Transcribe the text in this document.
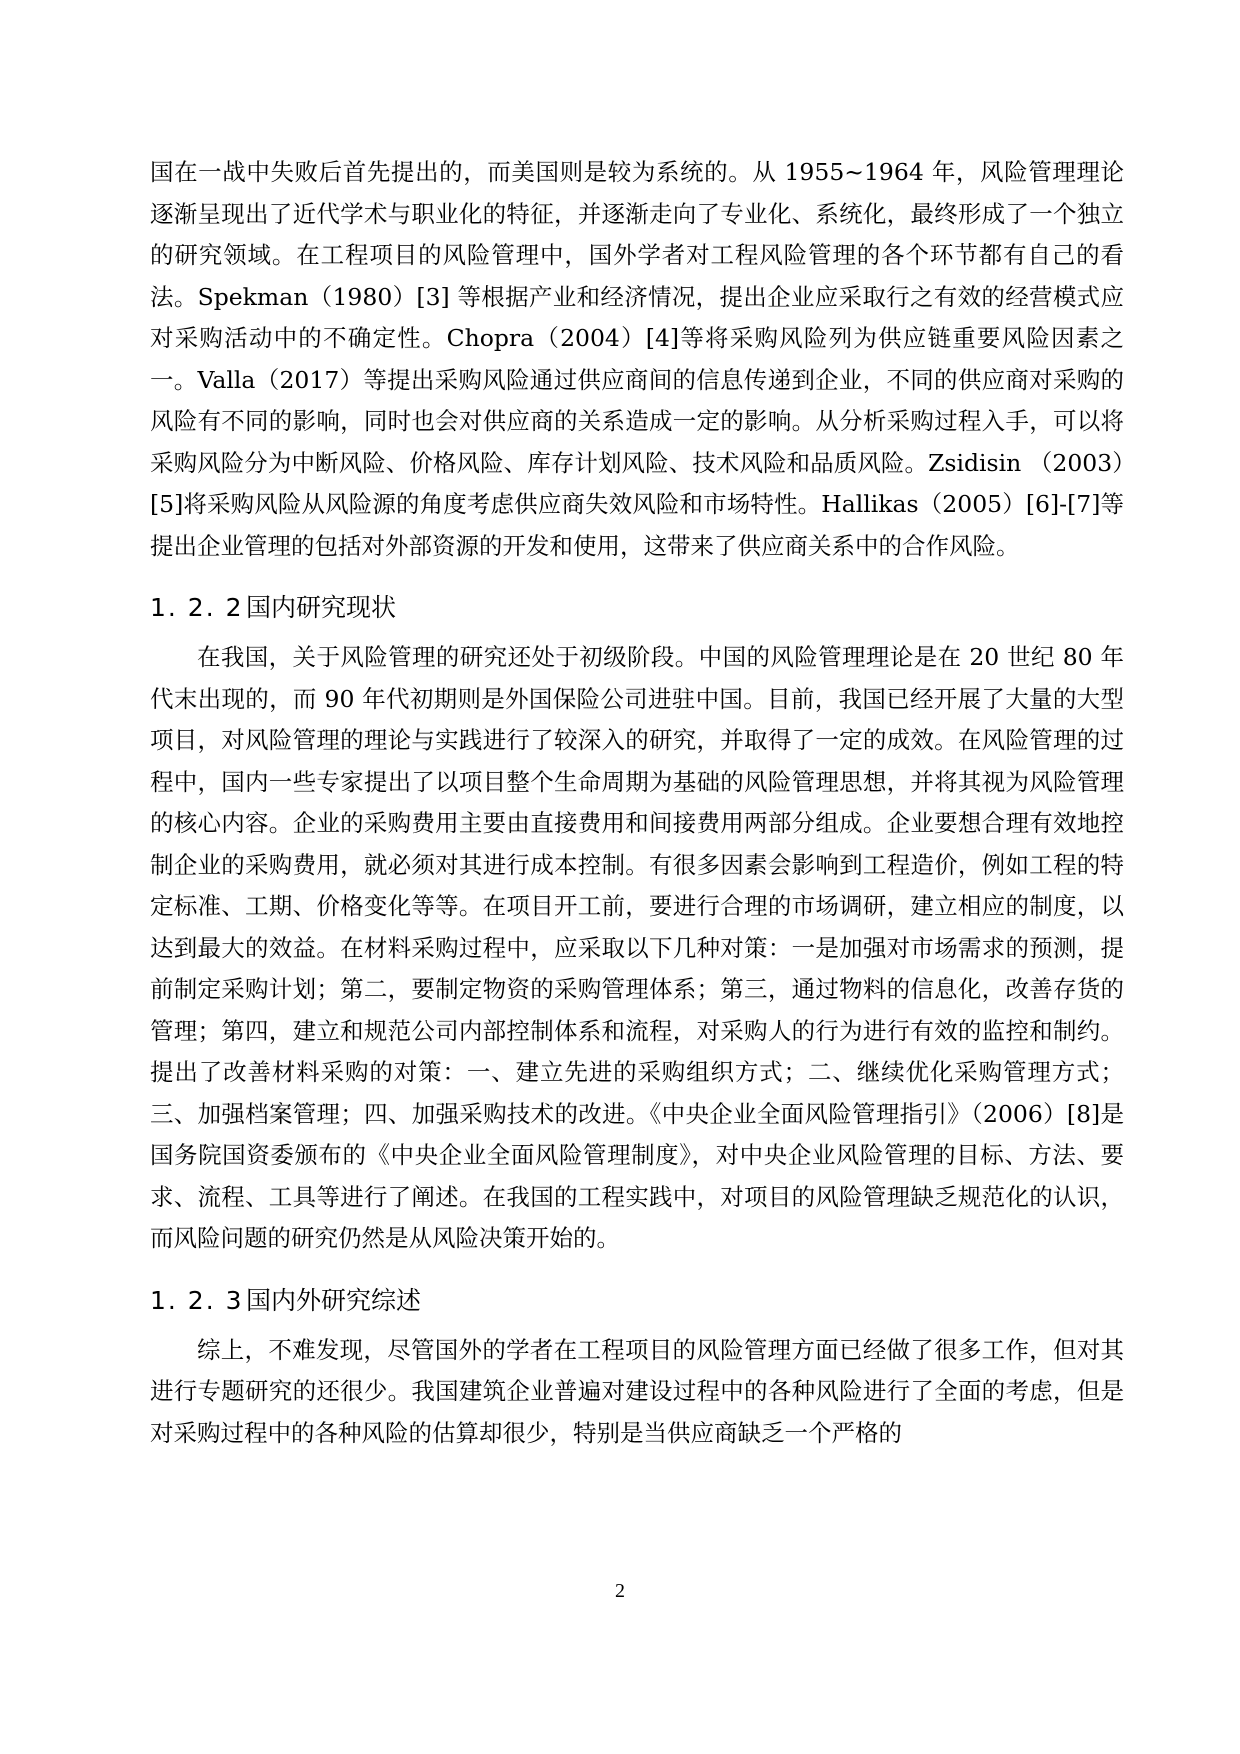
国在一战中失败后首先提出的，而美国则是较为系统的。从 1955~1964 年，风险管理理论逐渐呈现出了近代学术与职业化的特征，并逐渐走向了专业化、系统化，最终形成了一个独立的研究领域。在工程项目的风险管理中，国外学者对工程风险管理的各个环节都有自己的看法。Spekman（1980）[3] 等根据产业和经济情况，提出企业应采取行之有效的经营模式应对采购活动中的不确定性。Chopra（2004）[4]等将采购风险列为供应链重要风险因素之一。Valla（2017）等提出采购风险通过供应商间的信息传递到企业，不同的供应商对采购的风险有不同的影响，同时也会对供应商的关系造成一定的影响。从分析采购过程入手，可以将采购风险分为中断风险、价格风险、库存计划风险、技术风险和品质风险。Zsidisin （2003）[5]将采购风险从风险源的角度考虑供应商失效风险和市场特性。Hallikas（2005）[6]-[7]等提出企业管理的包括对外部资源的开发和使用，这带来了供应商关系中的合作风险。

1. 2. 2国内研究现状

在我国，关于风险管理的研究还处于初级阶段。中国的风险管理理论是在 20 世纪 80 年代末出现的，而 90 年代初期则是外国保险公司进驻中国。目前，我国已经开展了大量的大型项目，对风险管理的理论与实践进行了较深入的研究，并取得了一定的成效。在风险管理的过程中，国内一些专家提出了以项目整个生命周期为基础的风险管理思想，并将其视为风险管理的核心内容。企业的采购费用主要由直接费用和间接费用两部分组成。企业要想合理有效地控制企业的采购费用，就必须对其进行成本控制。有很多因素会影响到工程造价，例如工程的特定标准、工期、价格变化等等。在项目开工前，要进行合理的市场调研，建立相应的制度，以达到最大的效益。在材料采购过程中，应采取以下几种对策：一是加强对市场需求的预测，提前制定采购计划；第二，要制定物资的采购管理体系；第三，通过物料的信息化，改善存货的管理；第四，建立和规范公司内部控制体系和流程，对采购人的行为进行有效的监控和制约。提出了改善材料采购的对策：一、建立先进的采购组织方式；二、继续优化采购管理方式；三、加强档案管理；四、加强采购技术的改进。《中央企业全面风险管理指引》（2006）[8]是国务院国资委颁布的《中央企业全面风险管理制度》，对中央企业风险管理的目标、方法、要求、流程、工具等进行了阐述。在我国的工程实践中，对项目的风险管理缺乏规范化的认识，而风险问题的研究仍然是从风险决策开始的。

1. 2. 3国内外研究综述

综上，不难发现，尽管国外的学者在工程项目的风险管理方面已经做了很多工作，但对其进行专题研究的还很少。我国建筑企业普遍对建设过程中的各种风险进行了全面的考虑，但是对采购过程中的各种风险的估算却很少，特别是当供应商缺乏一个严格的

2
